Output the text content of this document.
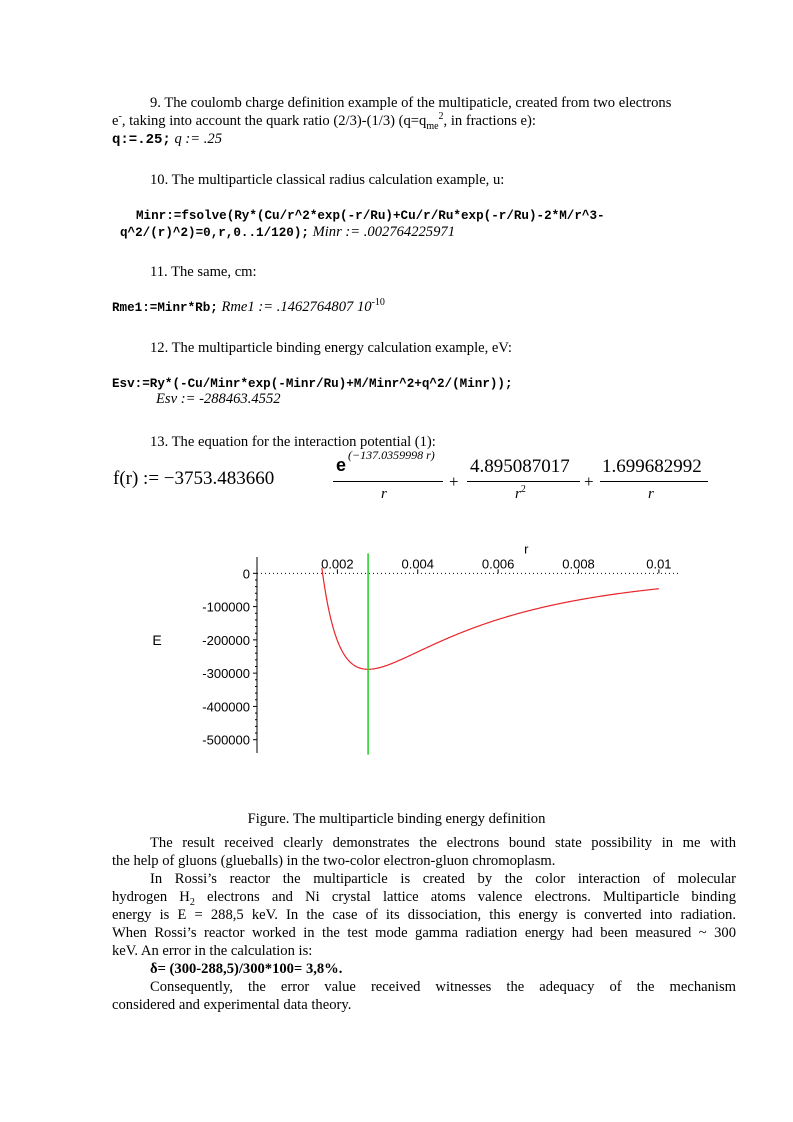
9. The coulomb charge definition example of the multipaticle, created from two electrons

e-, taking into account the quark ratio (2/3)-(1/3) ($q=q_{me}^2$, in fractions e):

q:=.25; q := .25

10. The multiparticle classical radius calculation example, u:

Minr:=fsolve(Ry*(Cu/r^2*exp(-r/Ru)+Cu/r/Ru*exp(-r/Ru)-2*M/r^3-

q^2/(r)^2)=0,r,0..1/120); Minr := .002764225971

11. The same, cm:

Rme1:=Minr*Rb; Rme1 := .1462764807 $10^{-10}$

12. The multiparticle binding energy calculation example, eV:

Esv:=Ry*(-Cu/Minr*exp(-Minr/Ru)+M/Minr^2+q^2/(Minr));

Esv := -288463.4552

13. The equation for the interaction potential (1):

f(r) := −3753.483660
e (−137.0359998 r)
r
+
4.895087017
$r^2$	+
1.699682992
r
0
-100000
-200000
-300000
-400000
-500000
0.002	0.004	0.006	0.008	0.01
r
E

Figure. The multiparticle binding energy definition

The result received clearly demonstrates the electrons bound state possibility in me with

the help of gluons (glueballs) in the two-color electron-gluon chromoplasm.

In Rossi’s reactor the multiparticle is created by the color interaction of molecular

hydrogen $H_2$ electrons and Ni crystal lattice atoms valence electrons. Multiparticle binding

energy is E = 288,5 keV. In the case of its dissociation, this energy is converted into radiation.

When Rossi’s reactor worked in the test mode gamma radiation energy had been measured ~ 300

keV. An error in the calculation is:

δ= (300-288,5)/300*100= 3,8%.

Consequently, the error value received witnesses the adequacy of the mechanism

considered and experimental data theory.
